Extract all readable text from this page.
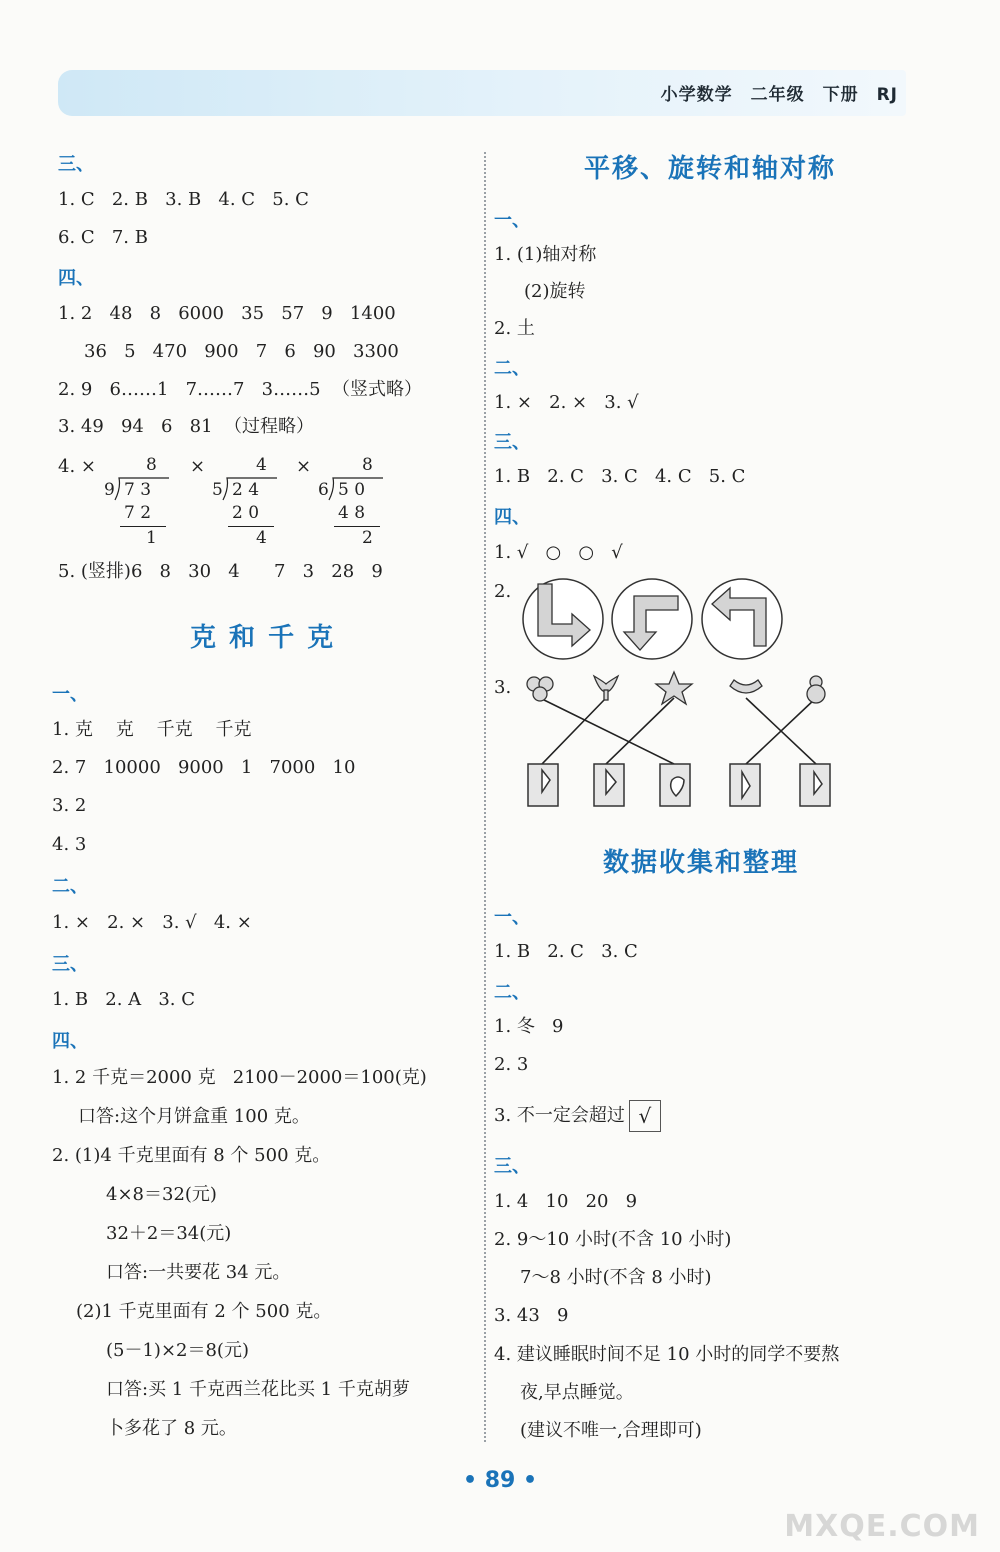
小学数学 二年级 下册 RJ
三、
1. C   2. B   3. B   4. C   5. C
6. C   7. B
四、
1. 2   48   8   6000   35   57   9   1400
36   5   470   900   7   6   90   3300
2. 9   6……1   7……7   3……5  （竖式略）
3. 49   94   6   81  （过程略）
4. ×	8
9 7 3
7 2
1
×	4
5 2 4
2 0
4
×	8
6 5 0
4 8
2
5. (竖排)6   8   30   4      7   3   28   9
克 和 千 克
一、
1. 克    克    千克    千克
2. 7   10000   9000   1   7000   10
3. 2
4. 3
二、
1. ×   2. ×   3. √   4. ×
三、
1. B   2. A   3. C
四、
1. 2 千克＝2000 克   2100－2000＝100(克)
口答:这个月饼盒重 100 克。
2. (1)4 千克里面有 8 个 500 克。
4×8＝32(元)
32＋2＝34(元)
口答:一共要花 34 元。
(2)1 千克里面有 2 个 500 克。
(5－1)×2＝8(元)
口答:买 1 千克西兰花比买 1 千克胡萝
卜多花了 8 元。
平移、旋转和轴对称
一、
1. (1)轴对称
(2)旋转
2. 土
二、
1. ×   2. ×   3. √
三、
1. B   2. C   3. C   4. C   5. C
四、
1. √   ○   ○   √
2.
3.
数据收集和整理
一、
1. B   2. C   3. C
二、
1. 冬   9
2. 3
3. 不一定会超过 √
三、
1. 4   10   20   9
2. 9～10 小时(不含 10 小时)
7～8 小时(不含 8 小时)
3. 43   9
4. 建议睡眠时间不足 10 小时的同学不要熬
夜,早点睡觉。
(建议不唯一,合理即可)
• 89 •
MXQE.COM
